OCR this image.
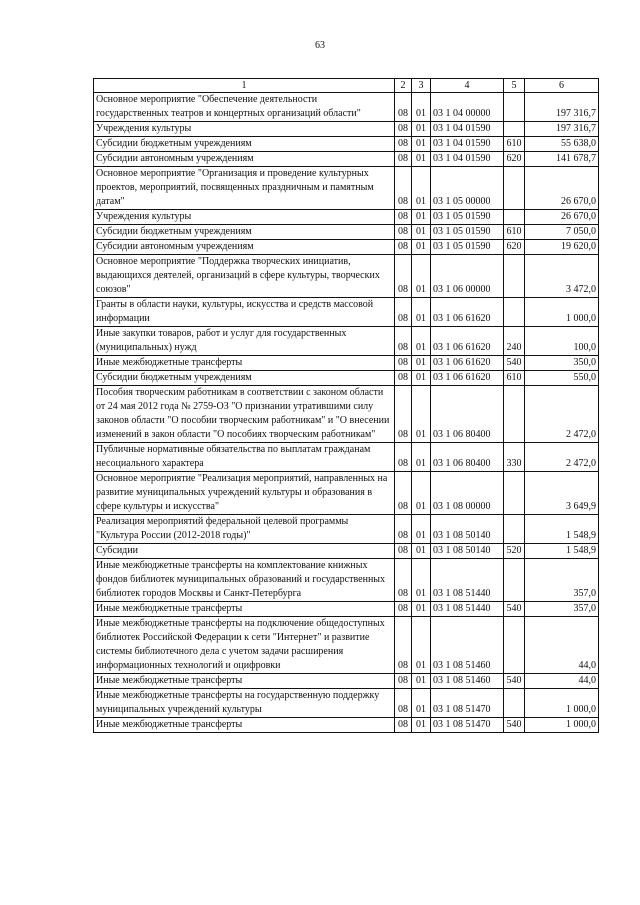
63
1	2	3	4	5	6
Основное мероприятие "Обеспечение деятельности государственных театров и концертных организаций области"	08	01	03 1 04 00000		197 316,7
Учреждения культуры	08	01	03 1 04 01590		197 316,7
Субсидии бюджетным учреждениям	08	01	03 1 04 01590	610	55 638,0
Субсидии автономным учреждениям	08	01	03 1 04 01590	620	141 678,7
Основное мероприятие "Организация и проведение культурных проектов, мероприятий, посвященных праздничным и памятным датам"	08	01	03 1 05 00000		26 670,0
Учреждения культуры	08	01	03 1 05 01590		26 670,0
Субсидии бюджетным учреждениям	08	01	03 1 05 01590	610	7 050,0
Субсидии автономным учреждениям	08	01	03 1 05 01590	620	19 620,0
Основное мероприятие "Поддержка творческих инициатив, выдающихся деятелей, организаций в сфере культуры, творческих союзов"	08	01	03 1 06 00000		3 472,0
Гранты в области науки, культуры, искусства и средств массовой информации	08	01	03 1 06 61620		1 000,0
Иные закупки товаров, работ и услуг для государственных (муниципальных) нужд	08	01	03 1 06 61620	240	100,0
Иные межбюджетные трансферты	08	01	03 1 06 61620	540	350,0
Субсидии бюджетным учреждениям	08	01	03 1 06 61620	610	550,0
Пособия творческим работникам в соответствии с законом области от 24 мая 2012 года № 2759-ОЗ "О признании утратившими силу законов области "О пособии творческим работникам" и "О внесении изменений в закон области "О пособиях творческим работникам"	08	01	03 1 06 80400		2 472,0
Публичные нормативные обязательства по выплатам гражданам несоциального характера	08	01	03 1 06 80400	330	2 472,0
Основное мероприятие "Реализация мероприятий, направленных на развитие муниципальных учреждений культуры и образования в сфере культуры и искусства"	08	01	03 1 08 00000		3 649,9
Реализация мероприятий федеральной целевой программы "Культура России (2012-2018 годы)"	08	01	03 1 08 50140		1 548,9
Субсидии	08	01	03 1 08 50140	520	1 548,9
Иные межбюджетные трансферты на комплектование книжных фондов библиотек муниципальных образований и государственных библиотек городов Москвы и Санкт-Петербурга	08	01	03 1 08 51440		357,0
Иные межбюджетные трансферты	08	01	03 1 08 51440	540	357,0
Иные межбюджетные трансферты на подключение общедоступных библиотек Российской Федерации к сети "Интернет" и развитие системы библиотечного дела с учетом задачи расширения информационных технологий и оцифровки	08	01	03 1 08 51460		44,0
Иные межбюджетные трансферты	08	01	03 1 08 51460	540	44,0
Иные межбюджетные трансферты на государственную поддержку муниципальных учреждений культуры	08	01	03 1 08 51470		1 000,0
Иные межбюджетные трансферты	08	01	03 1 08 51470	540	1 000,0
